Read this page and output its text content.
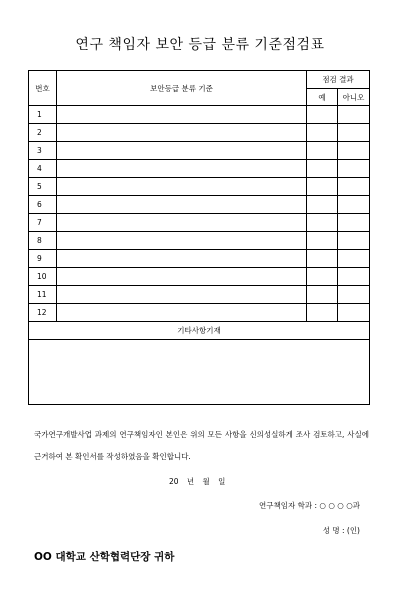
연구 책임자 보안 등급 분류 기준점검표
번호	보안등급 분류 기준	점검 결과	
		예	아니오
1			
2			
3			
4			
5			
6			
7			
8			
9			
10			
11			
12			
기타사항기재			

국가연구개발사업 과제의 연구책임자인 본인은 위의 모든 사항을 신의성실하게 조사 검토하고, 사실에 근거하여 본 확인서를 작성하였음을 확인합니다.
20 년 월 일
연구책임자 학과 : ○ ○ ○ ○과
성 명 : (인)
OO 대학교 산학협력단장 귀하
